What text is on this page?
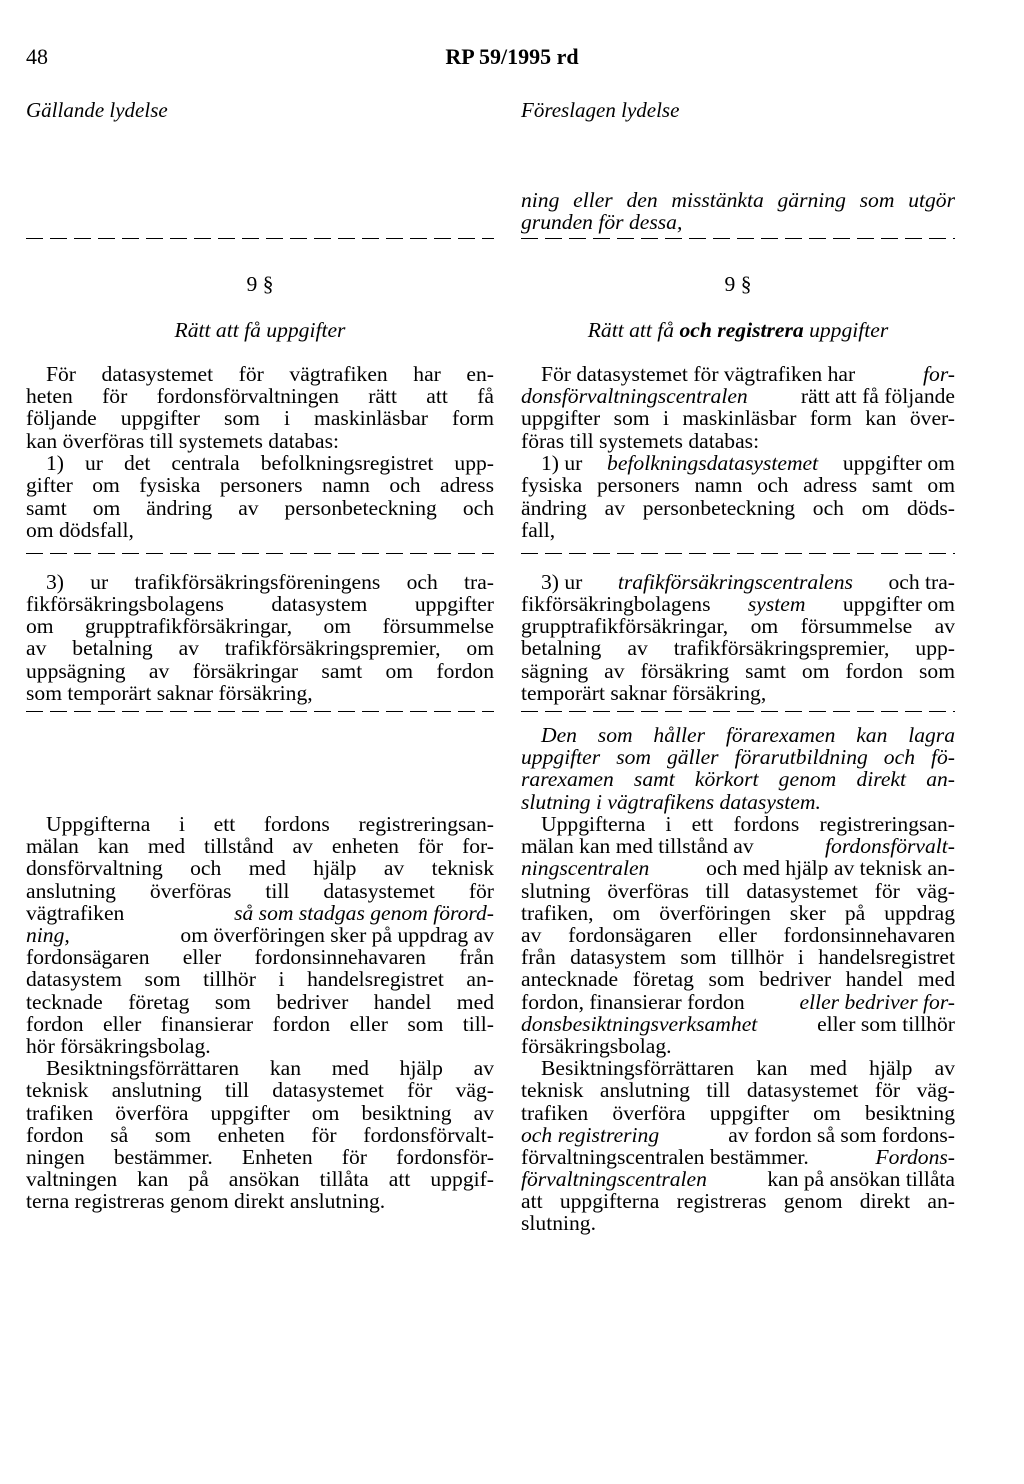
48	RP 59/1995 rd
Gällande lydelse	Föreslagen lydelse
9 §
Rätt att få uppgifter
För datasystemet för vägtrafiken har en-
heten för fordonsförvaltningen rätt att få
följande uppgifter som i maskinläsbar form
kan överföras till systemets databas:
1) ur det centrala befolkningsregistret upp-
gifter om fysiska personers namn och adress
samt om ändring av personbeteckning och
om dödsfall,
3) ur trafikförsäkringsföreningens och tra-
fikförsäkringsbolagens datasystem uppgifter
om grupptrafikförsäkringar, om försummelse
av betalning av trafikförsäkringspremier, om
uppsägning av försäkringar samt om fordon
som temporärt saknar försäkring,
Uppgifterna i ett fordons registreringsan-
mälan kan med tillstånd av enheten för for-
donsförvaltning och med hjälp av teknisk
anslutning överföras till datasystemet för
vägtrafiken	så som stadgas genom förord-
ning,	om överföringen sker på uppdrag av
fordonsägaren eller fordonsinnehavaren från
datasystem som tillhör i handelsregistret an-
tecknade företag som bedriver handel med
fordon eller finansierar fordon eller som till-
hör försäkringsbolag.
Besiktningsförrättaren kan med hjälp av
teknisk anslutning till datasystemet för väg-
trafiken överföra uppgifter om besiktning av
fordon så som enheten för fordonsförvalt-
ningen bestämmer. Enheten för fordonsför-
valtningen kan på ansökan tillåta att uppgif-
terna registreras genom direkt anslutning.
ning eller den misstänkta gärning som utgör
grunden för dessa,
9 §
Rätt att få och registrera uppgifter
För datasystemet för vägtrafiken har	for-
donsförvaltningscentralen rätt att få följande
uppgifter som i maskinläsbar form kan över-
föras till systemets databas:
1) ur befolkningsdatasystemet uppgifter om
fysiska personers namn och adress samt om
ändring av personbeteckning och om döds-
fall,
3) ur trafikförsäkringscentralens och tra-
fikförsäkringbolagens system uppgifter om
grupptrafikförsäkringar, om försummelse av
betalning av trafikförsäkringspremier, upp-
sägning av försäkring samt om fordon som
temporärt saknar försäkring,
Den som håller förarexamen kan lagra
uppgifter som gäller förarutbildning och fö-
rarexamen samt körkort genom direkt an-
slutning i vägtrafikens datasystem.
Uppgifterna i ett fordons registreringsan-
mälan kan med tillstånd av	fordonsförvalt-
ningscentralen	och med hjälp av teknisk an-
slutning överföras till datasystemet för väg-
trafiken, om överföringen sker på uppdrag
av fordonsägaren eller fordonsinnehavaren
från datasystem som tillhör i handelsregistret
antecknade företag som bedriver handel med
fordon, finansierar fordon	eller bedriver for-
donsbesiktningsverksamhet	eller som tillhör
försäkringsbolag.
Besiktningsförrättaren kan med hjälp av
teknisk anslutning till datasystemet för väg-
trafiken överföra uppgifter om besiktning
och registrering	av fordon så som fordons-
förvaltningscentralen bestämmer.	Fordons-
förvaltningscentralen	kan på ansökan tillåta
att uppgifterna registreras genom direkt an-
slutning.
